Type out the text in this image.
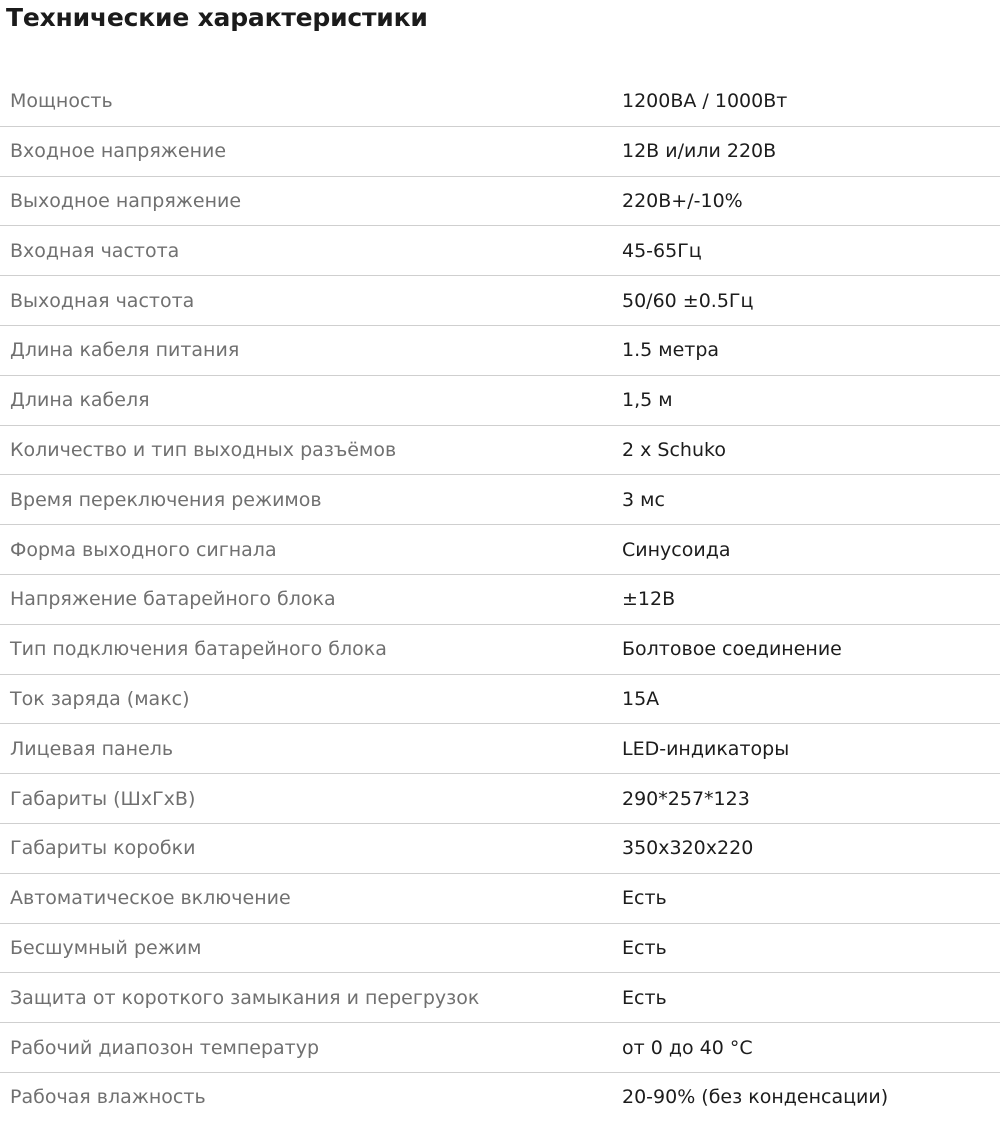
Технические характеристики
Мощность	1200ВА / 1000Вт
Входное напряжение	12В и/или 220В
Выходное напряжение	220В+/-10%
Входная частота	45-65Гц
Выходная частота	50/60 ±0.5Гц
Длина кабеля питания	1.5 метра
Длина кабеля	1,5 м
Количество и тип выходных разъёмов	2 х Schuko
Время переключения режимов	3 мс
Форма выходного сигнала	Синусоида
Напряжение батарейного блока	±12В
Тип подключения батарейного блока	Болтовое соединение
Ток заряда (макс)	15А
Лицевая панель	LED-индикаторы
Габариты (ШхГхВ)	290*257*123
Габариты коробки	350х320х220
Автоматическое включение	Есть
Бесшумный режим	Есть
Защита от короткого замыкания и перегрузок	Есть
Рабочий диапозон температур	от 0 до 40 °С
Рабочая влажность	20-90% (без конденсации)
